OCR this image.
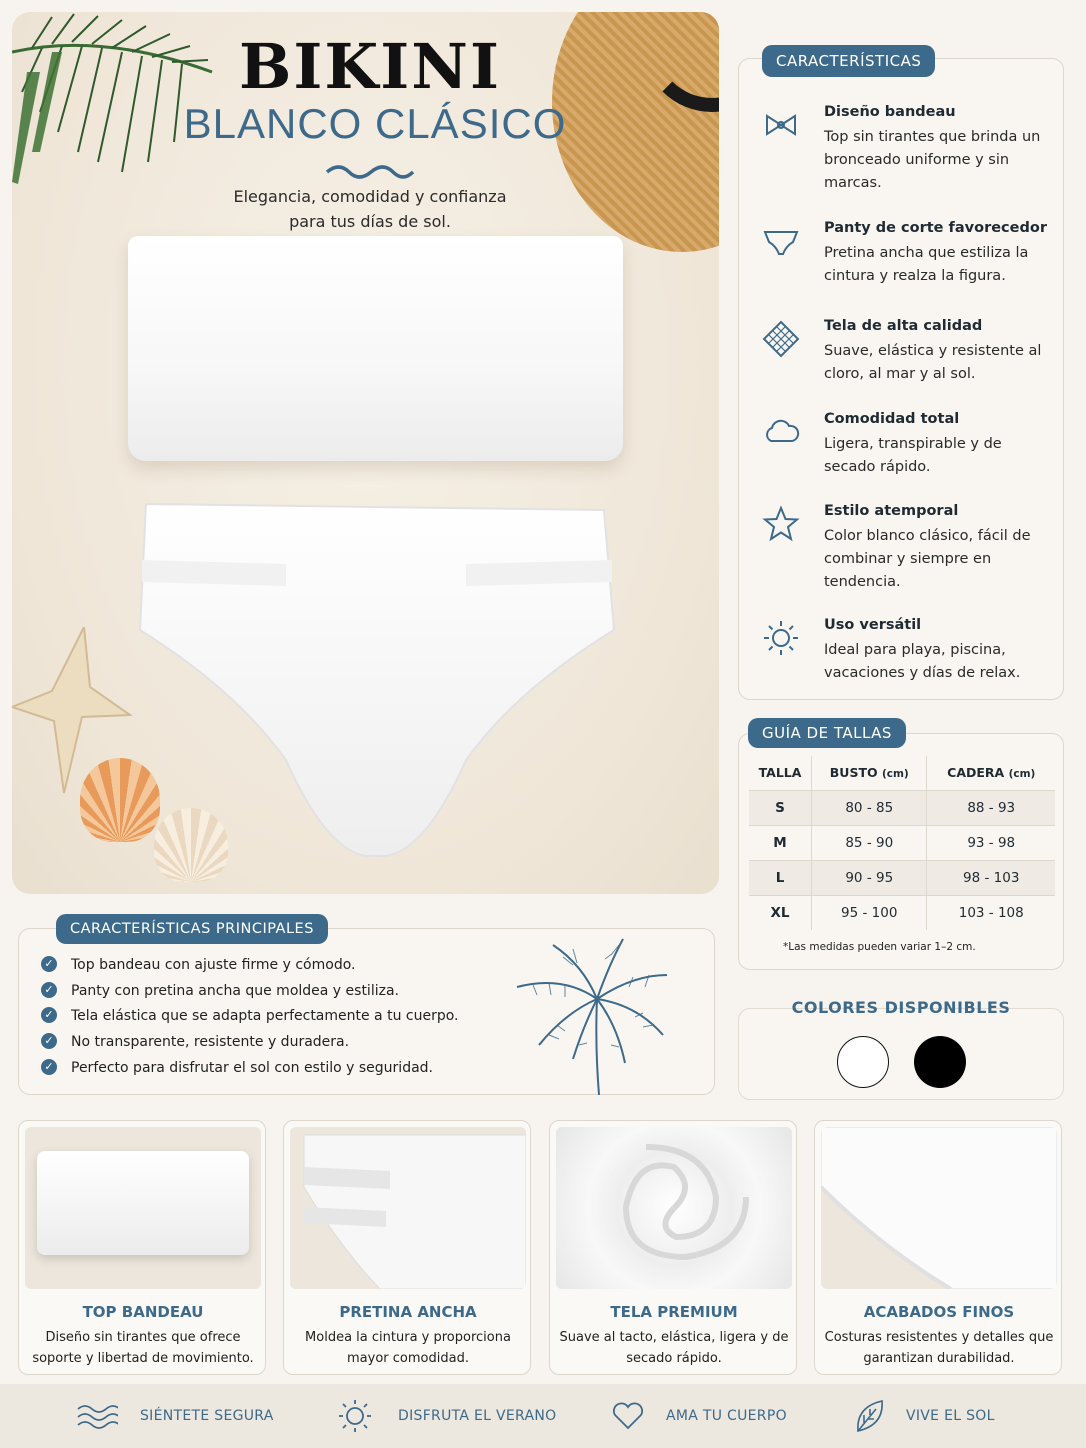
BIKINI
BLANCO CLÁSICO
Elegancia, comodidad y confianza
para tus días de sol.
CARACTERÍSTICAS
Diseño bandeau
Top sin tirantes que brinda un bronceado uniforme y sin marcas.
Panty de corte favorecedor
Pretina ancha que estiliza la cintura y realza la figura.
Tela de alta calidad
Suave, elástica y resistente al cloro, al mar y al sol.
Comodidad total
Ligera, transpirable y de secado rápido.
Estilo atemporal
Color blanco clásico, fácil de combinar y siempre en tendencia.
Uso versátil
Ideal para playa, piscina, vacaciones y días de relax.
TALLA	BUSTO (cm)	CADERA (cm)
S	80 - 85	88 - 93
M	85 - 90	93 - 98
L	90 - 95	98 - 103
XL	95 - 100	103 - 108
*Las medidas pueden variar 1–2 cm.
GUÍA DE TALLAS
COLORES DISPONIBLES
✓ Top bandeau con ajuste firme y cómodo.
✓ Panty con pretina ancha que moldea y estiliza.
✓ Tela elástica que se adapta perfectamente a tu cuerpo.
✓ No transparente, resistente y duradera.
✓ Perfecto para disfrutar el sol con estilo y seguridad.
CARACTERÍSTICAS PRINCIPALES
TOP BANDEAU
Diseño sin tirantes que ofrece soporte y libertad de movimiento.
PRETINA ANCHA
Moldea la cintura y proporciona mayor comodidad.
TELA PREMIUM
Suave al tacto, elástica, ligera y de secado rápido.
ACABADOS FINOS
Costuras resistentes y detalles que garantizan durabilidad.
SIÉNTETE SEGURA	DISFRUTA EL VERANO	AMA TU CUERPO	VIVE EL SOL
